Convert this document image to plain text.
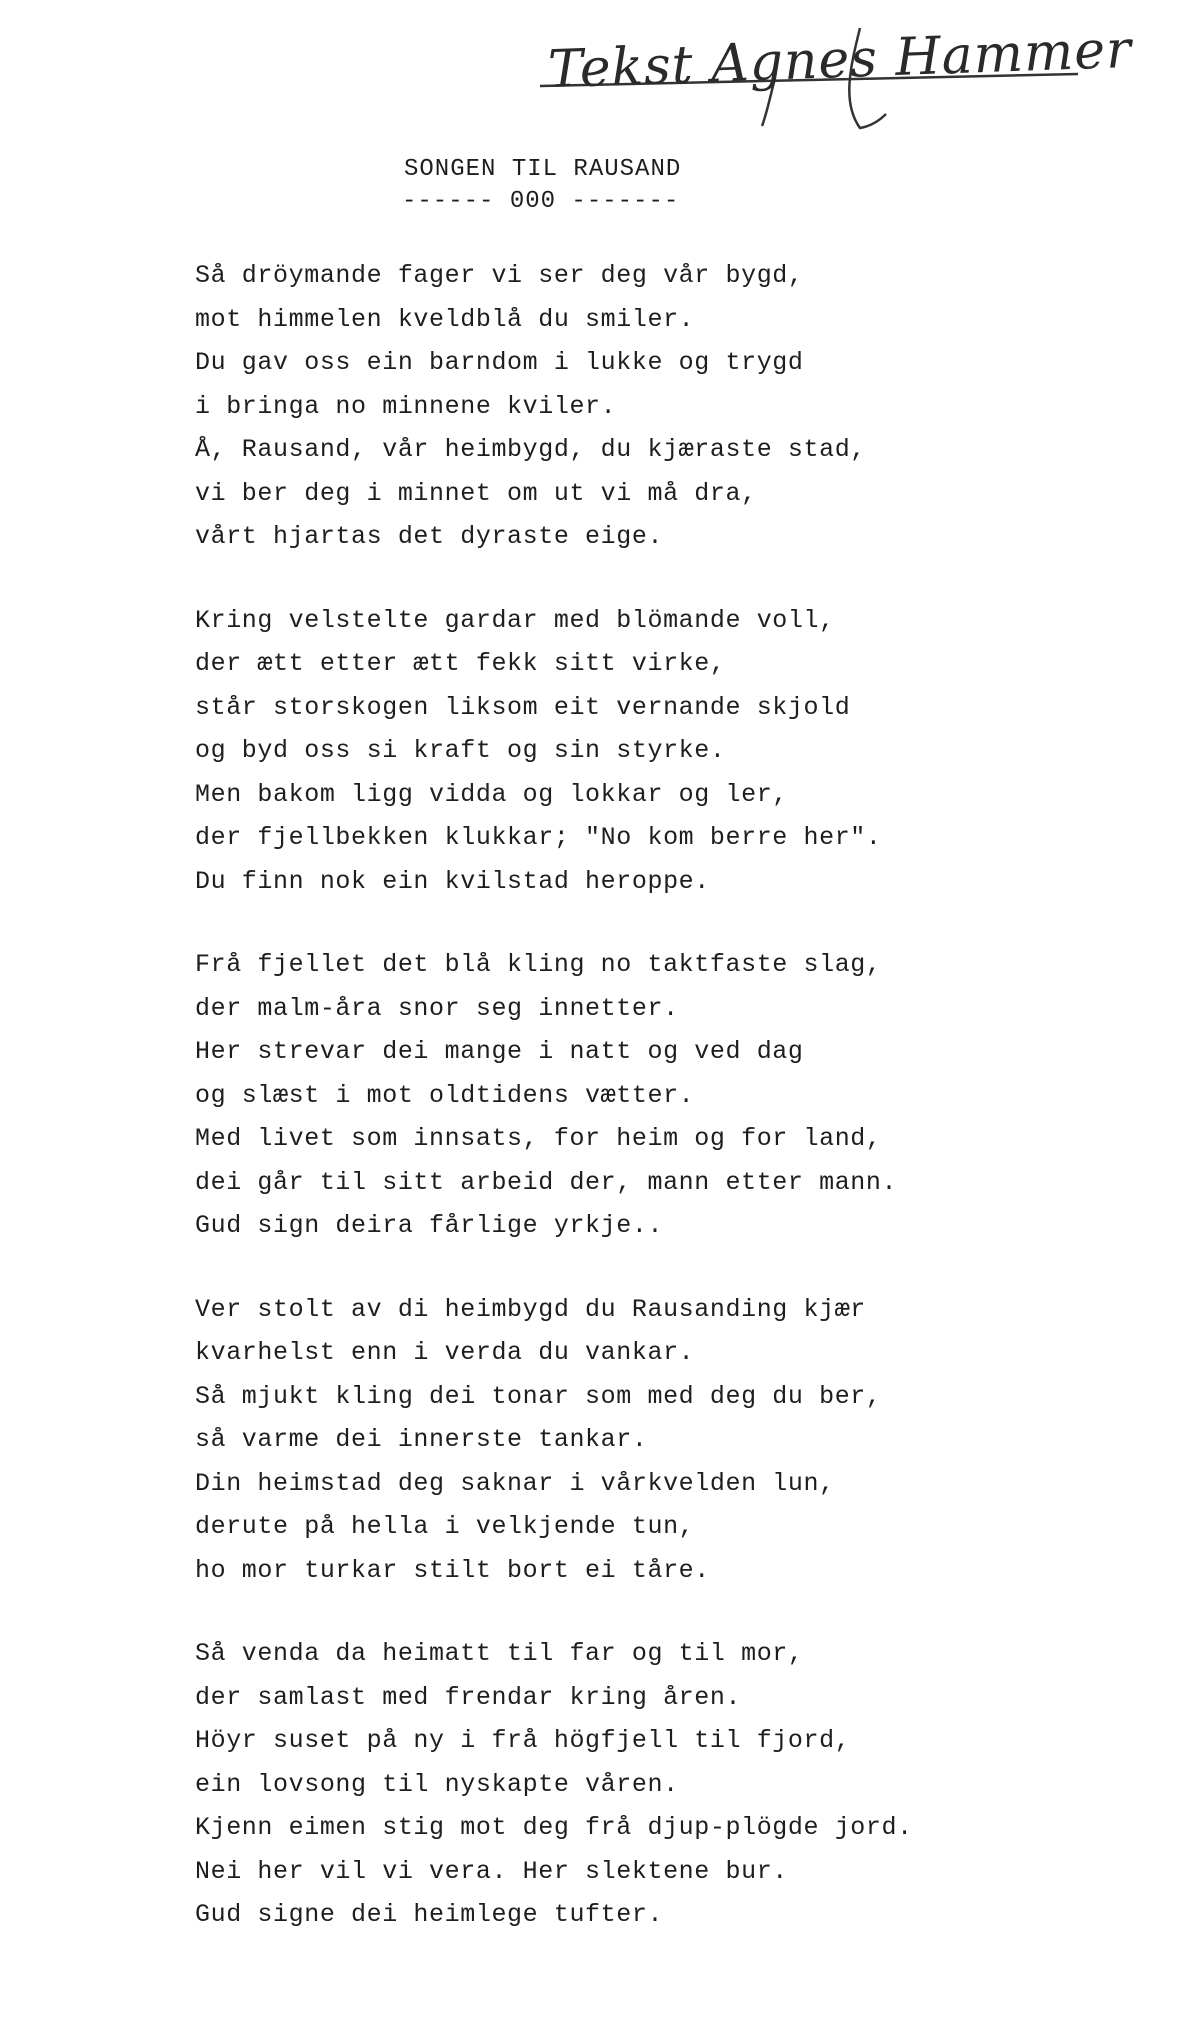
Tekst Agnes Hammer
SONGEN TIL RAUSAND
------ 000 -------
Så dröymande fager vi ser deg vår bygd,
mot himmelen kveldblå du smiler.
Du gav oss ein barndom i lukke og trygd
i bringa no minnene kviler.
Å, Rausand, vår heimbygd, du kjæraste stad,
vi ber deg i minnet om ut vi må dra,
vårt hjartas det dyraste eige.
Kring velstelte gardar med blömande voll,
der ætt etter ætt fekk sitt virke,
står storskogen liksom eit vernande skjold
og byd oss si kraft og sin styrke.
Men bakom ligg vidda og lokkar og ler,
der fjellbekken klukkar; "No kom berre her".
Du finn nok ein kvilstad heroppe.
Frå fjellet det blå kling no taktfaste slag,
der malm-åra snor seg innetter.
Her strevar dei mange i natt og ved dag
og slæst i mot oldtidens vætter.
Med livet som innsats, for heim og for land,
dei går til sitt arbeid der, mann etter mann.
Gud sign deira fårlige yrkje..
Ver stolt av di heimbygd du Rausanding kjær
kvarhelst enn i verda du vankar.
Så mjukt kling dei tonar som med deg du ber,
så varme dei innerste tankar.
Din heimstad deg saknar i vårkvelden lun,
derute på hella i velkjende tun,
ho mor turkar stilt bort ei tåre.
Så venda da heimatt til far og til mor,
der samlast med frendar kring åren.
Höyr suset på ny i frå högfjell til fjord,
ein lovsong til nyskapte våren.
Kjenn eimen stig mot deg frå djup-plögde jord.
Nei her vil vi vera. Her slektene bur.
Gud signe dei heimlege tufter.
